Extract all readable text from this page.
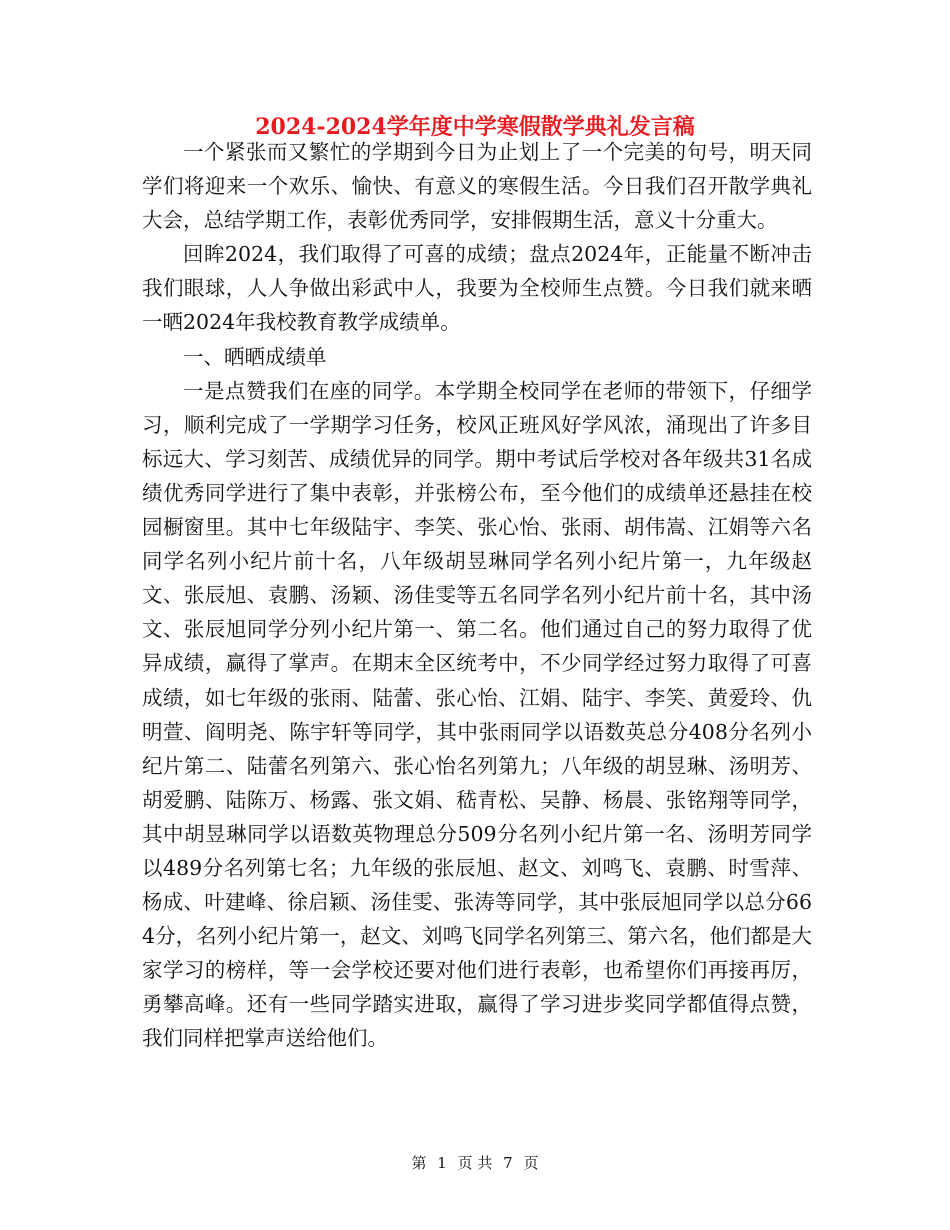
2024-2024学年度中学寒假散学典礼发言稿

一个紧张而又繁忙的学期到今日为止划上了一个完美的句号，明天同学们将迎来一个欢乐、愉快、有意义的寒假生活。今日我们召开散学典礼大会，总结学期工作，表彰优秀同学，安排假期生活，意义十分重大。

回眸2024，我们取得了可喜的成绩；盘点2024年，正能量不断冲击我们眼球，人人争做出彩武中人，我要为全校师生点赞。今日我们就来晒一晒2024年我校教育教学成绩单。

一、晒晒成绩单

一是点赞我们在座的同学。本学期全校同学在老师的带领下，仔细学习，顺利完成了一学期学习任务，校风正班风好学风浓，涌现出了许多目标远大、学习刻苦、成绩优异的同学。期中考试后学校对各年级共31名成绩优秀同学进行了集中表彰，并张榜公布，至今他们的成绩单还悬挂在校园橱窗里。其中七年级陆宇、李笑、张心怡、张雨、胡伟嵩、江娟等六名同学名列小纪片前十名，八年级胡昱琳同学名列小纪片第一，九年级赵文、张辰旭、袁鹏、汤颖、汤佳雯等五名同学名列小纪片前十名，其中汤文、张辰旭同学分列小纪片第一、第二名。他们通过自己的努力取得了优异成绩，赢得了掌声。在期末全区统考中，不少同学经过努力取得了可喜成绩，如七年级的张雨、陆蕾、张心怡、江娟、陆宇、李笑、黄爱玲、仇明萱、阎明尧、陈宇轩等同学，其中张雨同学以语数英总分408分名列小纪片第二、陆蕾名列第六、张心怡名列第九；八年级的胡昱琳、汤明芳、胡爱鹏、陆陈万、杨露、张文娟、嵇青松、吴静、杨晨、张铭翔等同学，其中胡昱琳同学以语数英物理总分509分名列小纪片第一名、汤明芳同学以489分名列第七名；九年级的张辰旭、赵文、刘鸣飞、袁鹏、时雪萍、杨成、叶建峰、徐启颖、汤佳雯、张涛等同学，其中张辰旭同学以总分664分，名列小纪片第一，赵文、刘鸣飞同学名列第三、第六名，他们都是大家学习的榜样，等一会学校还要对他们进行表彰，也希望你们再接再厉，勇攀高峰。还有一些同学踏实进取，赢得了学习进步奖同学都值得点赞，我们同样把掌声送给他们。

第 1 页 共 7 页
